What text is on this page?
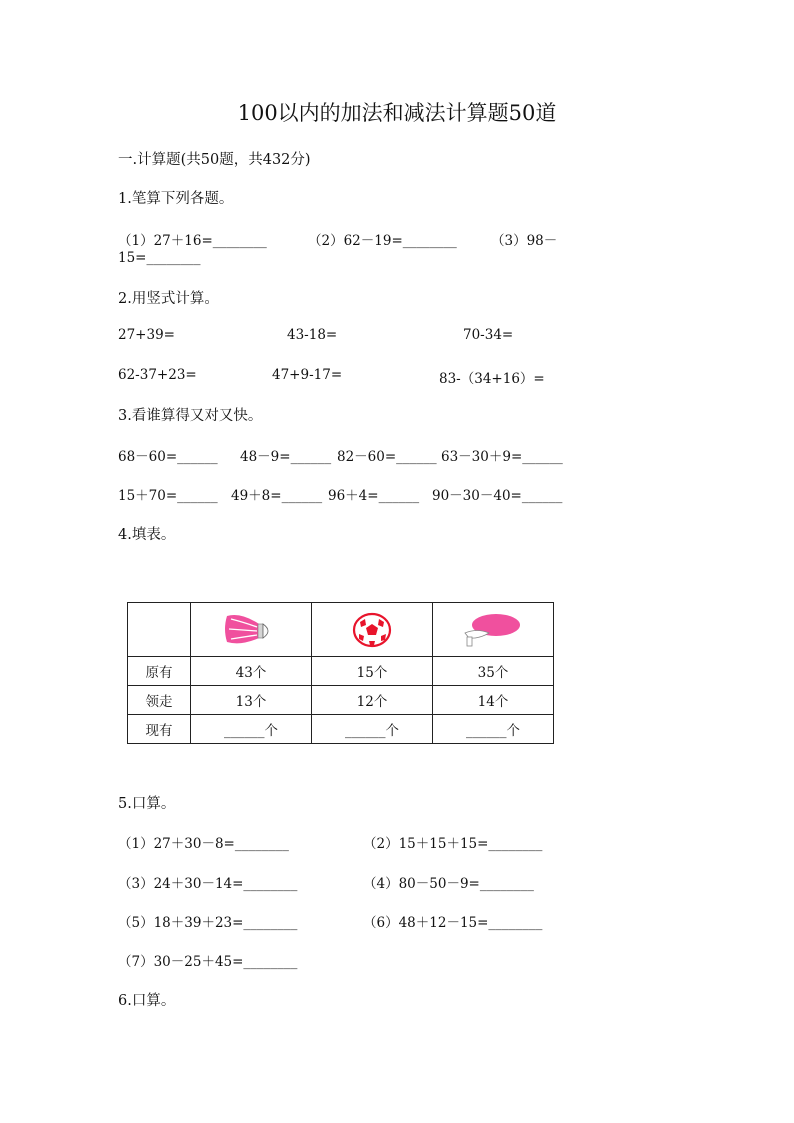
100以内的加法和减法计算题50道
一.计算题(共50题，共432分)
1.笔算下列各题。
（1）27＋16=________	（2）62－19=________	（3）98－
15=________
2.用竖式计算。
27+39=	43-18=	70-34=
62-37+23=	47+9-17=	83-（34+16）=
3.看谁算得又对又快。
68－60=______ 48－9=______ 82－60=______ 63－30＋9=______
15＋70=______ 49＋8=______ 96＋4=______ 90－30－40=______
4.填表。

原有	43个	15个	35个
领走	13个	12个	14个
现有	______个	______个	______个
5.口算。
（1）27＋30－8=________	（2）15＋15＋15=________
（3）24＋30－14=________	（4）80－50－9=________
（5）18＋39＋23=________	（6）48＋12－15=________
（7）30－25＋45=________
6.口算。
